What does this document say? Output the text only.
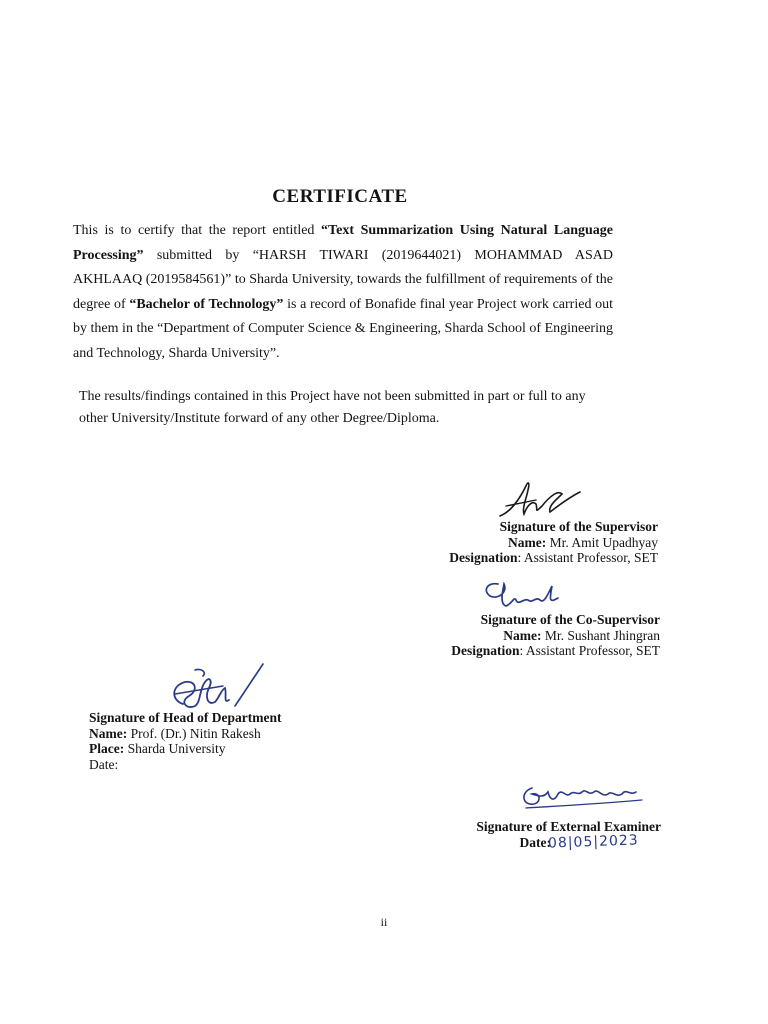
CERTIFICATE
This is to certify that the report entitled “Text Summarization Using Natural Language Processing” submitted by “HARSH TIWARI (2019644021) MOHAMMAD ASAD AKHLAAQ (2019584561)” to Sharda University, towards the fulfillment of requirements of the degree of “Bachelor of Technology” is a record of Bonafide final year Project work carried out by them in the “Department of Computer Science & Engineering, Sharda School of Engineering and Technology, Sharda University”.
The results/findings contained in this Project have not been submitted in part or full to any other University/Institute forward of any other Degree/Diploma.
Signature of the Supervisor
Name: Mr. Amit Upadhyay
Designation: Assistant Professor, SET
Signature of the Co-Supervisor
Name: Mr. Sushant Jhingran
Designation: Assistant Professor, SET
Signature of Head of Department
Name: Prof. (Dr.) Nitin Rakesh
Place: Sharda University
Date:
Signature of External Examiner
Date:
08|05|2023
ii
